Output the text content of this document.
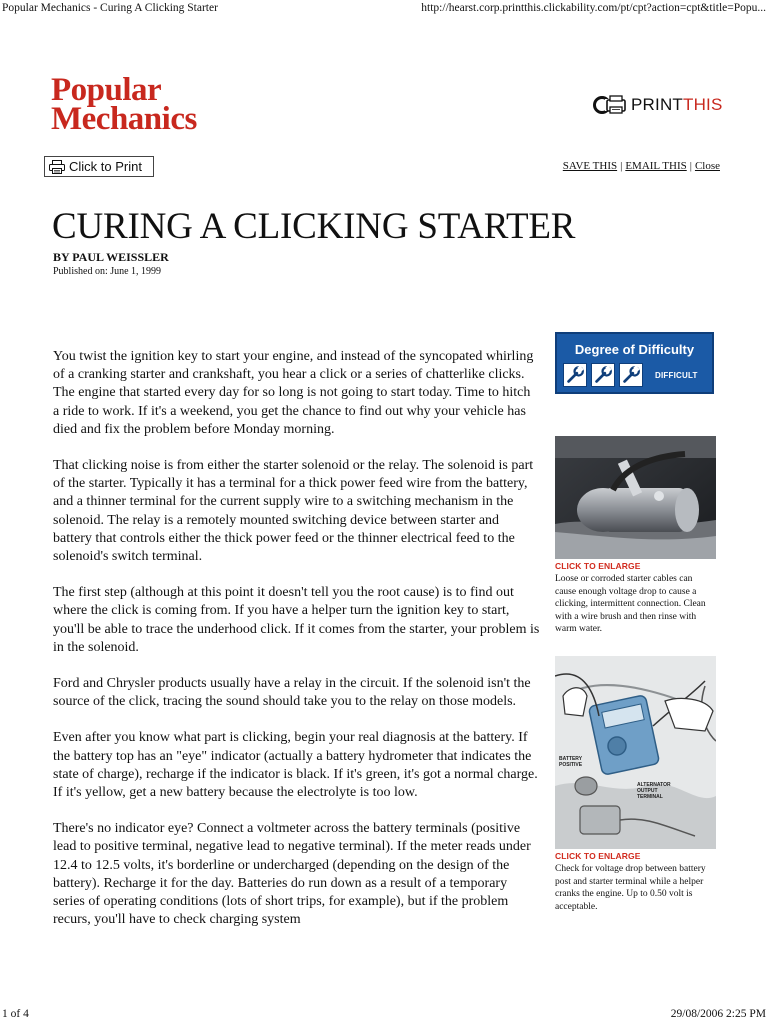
Popular Mechanics - Curing A Clicking Starter	http://hearst.corp.printthis.clickability.com/pt/cpt?action=cpt&title=Popu...
Popular
Mechanics	PRINTTHIS
Click to Print	SAVE THIS | EMAIL THIS | Close
CURING A CLICKING STARTER
BY PAUL WEISSLER
Published on: June 1, 1999

You twist the ignition key to start your engine, and instead of the syncopated whirling of a cranking starter and crankshaft, you hear a click or a series of chatterlike clicks. The engine that started every day for so long is not going to start today. Time to hitch a ride to work. If it's a weekend, you get the chance to find out why your vehicle has died and fix the problem before Monday morning.

That clicking noise is from either the starter solenoid or the relay. The solenoid is part of the starter. Typically it has a terminal for a thick power feed wire from the battery, and a thinner terminal for the current supply wire to a switching mechanism in the solenoid. The relay is a remotely mounted switching device between starter and battery that controls either the thick power feed or the thinner electrical feed to the solenoid's switch terminal.

The first step (although at this point it doesn't tell you the root cause) is to find out where the click is coming from. If you have a helper turn the ignition key to start, you'll be able to trace the underhood click. If it comes from the starter, your problem is in the solenoid.

Ford and Chrysler products usually have a relay in the circuit. If the solenoid isn't the source of the click, tracing the sound should take you to the relay on those models.

Even after you know what part is clicking, begin your real diagnosis at the battery. If the battery top has an "eye" indicator (actually a battery hydrometer that indicates the state of charge), recharge if the indicator is black. If it's green, it's got a normal charge. If it's yellow, get a new battery because the electrolyte is too low.

There's no indicator eye? Connect a voltmeter across the battery terminals (positive lead to positive terminal, negative lead to negative terminal). If the meter reads under 12.4 to 12.5 volts, it's borderline or undercharged (depending on the design of the battery). Recharge it for the day. Batteries do run down as a result of a temporary series of operating conditions (lots of short trips, for example), but if the problem recurs, you'll have to check charging system

Degree of Difficulty
DIFFICULT
CLICK TO ENLARGE
Loose or corroded starter cables can cause enough voltage drop to cause a clicking, intermittent connection. Clean with a wire brush and then rinse with warm water.
BATTERY
POSITIVE
ALTERNATOR
OUTPUT
TERMINAL
CLICK TO ENLARGE
Check for voltage drop between battery post and starter terminal while a helper cranks the engine. Up to 0.50 volt is acceptable.
1 of 4	29/08/2006 2:25 PM
